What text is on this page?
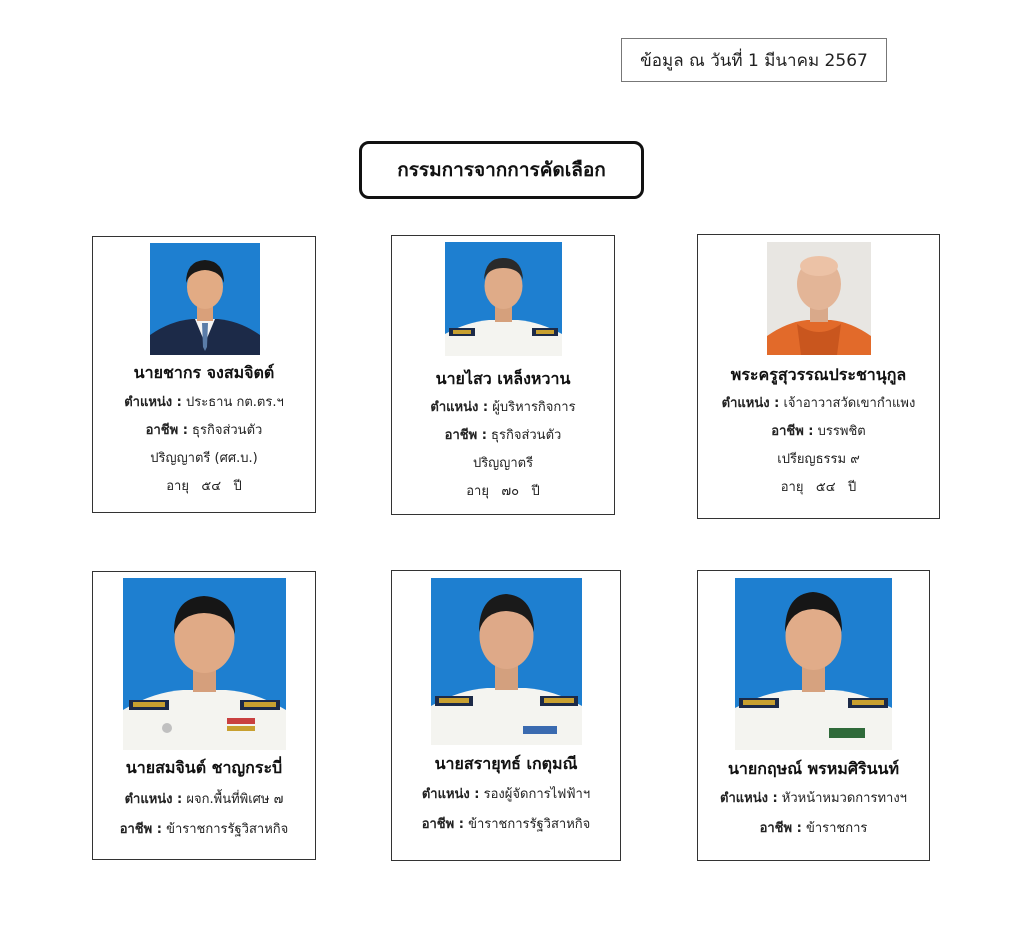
ข้อมูล ณ วันที่ 1 มีนาคม 2567
กรรมการจากการคัดเลือก

นายชากร จงสมจิตต์

ตำแหน่ง : ประธาน กต.ตร.ฯ

อาชีพ : ธุรกิจส่วนตัว

ปริญญาตรี (ศศ.บ.)

อายุ ๕๔ ปี

นายไสว เหล็งหวาน

ตำแหน่ง : ผู้บริหารกิจการ

อาชีพ : ธุรกิจส่วนตัว

ปริญญาตรี

อายุ ๗๐ ปี

พระครูสุวรรณประชานุกูล

ตำแหน่ง : เจ้าอาวาสวัดเขากำแพง

อาชีพ : บรรพชิต

เปรียญธรรม ๙

อายุ ๕๔ ปี

นายสมจินต์ ชาญกระบี่

ตำแหน่ง : ผจก.พื้นที่พิเศษ ๗

อาชีพ : ข้าราชการรัฐวิสาหกิจ

นายสรายุทธ์ เกตุมณี

ตำแหน่ง : รองผู้จัดการไฟฟ้าฯ

อาชีพ : ข้าราชการรัฐวิสาหกิจ

นายกฤษณ์ พรหมศิรินนท์

ตำแหน่ง : หัวหน้าหมวดการทางฯ

อาชีพ : ข้าราชการ
